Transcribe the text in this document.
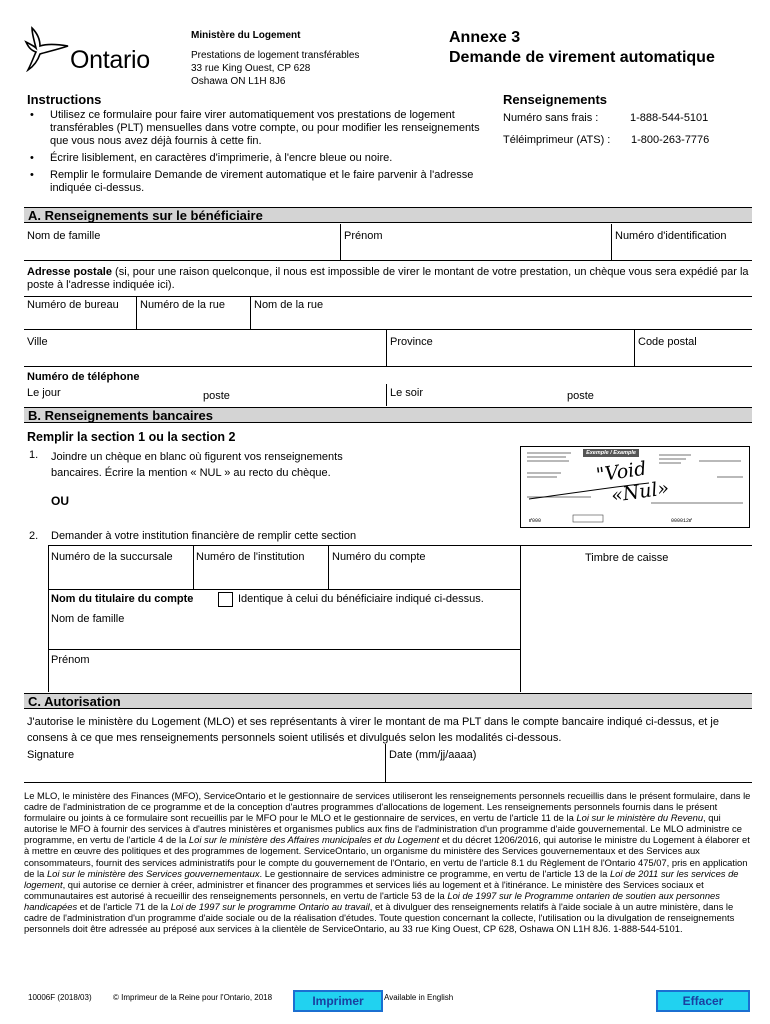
Ontario
Ministère du Logement
Prestations de logement transférables
33 rue King Ouest, CP 628
Oshawa ON L1H 8J6
Annexe 3
Demande de virement automatique
Instructions
• Utilisez ce formulaire pour faire virer automatiquement vos prestations de logement transférables (PLT) mensuelles dans votre compte, ou pour modifier les renseignements que vous nous avez déjà fournis à cette fin.
• Écrire lisiblement, en caractères d'imprimerie, à l'encre bleue ou noire.
• Remplir le formulaire Demande de virement automatique et le faire parvenir à l'adresse indiquée ci-dessus.
Renseignements
Numéro sans frais :	1-888-544-5101
Téléimprimeur (ATS) : 1-800-263-7776
A. Renseignements sur le bénéficiaire
Nom de famille	Prénom	Numéro d'identification
Adresse postale (si, pour une raison quelconque, il nous est impossible de virer le montant de votre prestation, un chèque vous sera expédié par la poste à l'adresse indiquée ici).
Numéro de bureau Numéro de la rue	Nom de la rue
Ville	Province	Code postal
Numéro de téléphone
Le jour	poste	Le soir	poste
B. Renseignements bancaires
Remplir la section 1 ou la section 2
1. Joindre un chèque en blanc où figurent vos renseignements bancaires. Écrire la mention « NUL » au recto du chèque.
OU
Exemple / Example
⑈000	000012⑈
"Void
«Nul»
2. Demander à votre institution financière de remplir cette section
Numéro de la succursale Numéro de l'institution	Numéro du compte	Timbre de caisse
Nom du titulaire du compte	Identique à celui du bénéficiaire indiqué ci-dessus.
Nom de famille
Prénom
C. Autorisation
J'autorise le ministère du Logement (MLO) et ses représentants à virer le montant de ma PLT dans le compte bancaire indiqué ci-dessus, et je consens à ce que mes renseignements personnels soient utilisés et divulgués selon les modalités ci-dessous.
Signature	Date (mm/jj/aaaa)
Le MLO, le ministère des Finances (MFO), ServiceOntario et le gestionnaire de services utiliseront les renseignements personnels recueillis dans le présent formulaire, dans le cadre de l'administration de ce programme et de la conception d'autres programmes d'allocations de logement. Les renseignements personnels fournis dans le présent formulaire ou joints à ce formulaire sont recueillis par le MFO pour le MLO et le gestionnaire de services, en vertu de l'article 11 de la Loi sur le ministère du Revenu, qui autorise le MFO à fournir des services à d'autres ministères et organismes publics aux fins de l'administration d'un programme d'aide gouvernemental. Le MLO administre ce programme, en vertu de l'article 4 de la Loi sur le ministère des Affaires municipales et du Logement et du décret 1206/2016, qui autorise le ministre du Logement à élaborer et à mettre en œuvre des politiques et des programmes de logement. ServiceOntario, un organisme du ministère des Services gouvernementaux et des Services aux consommateurs, fournit des services administratifs pour le compte du gouvernement de l'Ontario, en vertu de l'article 8.1 du Règlement de l'Ontario 475/07, pris en application de la Loi sur le ministère des Services gouvernementaux. Le gestionnaire de services administre ce programme, en vertu de l'article 13 de la Loi de 2011 sur les services de logement, qui autorise ce dernier à créer, administrer et financer des programmes et services liés au logement et à l'itinérance. Le ministère des Services sociaux et communautaires est autorisé à recueillir des renseignements personnels, en vertu de l'article 53 de la Loi de 1997 sur le Programme ontarien de soutien aux personnes handicapées et de l'article 71 de la Loi de 1997 sur le programme Ontario au travail, et à divulguer des renseignements relatifs à l'aide sociale à un autre ministère, dans le cadre de l'administration d'un programme d'aide sociale ou de la réalisation d'études. Toute question concernant la collecte, l'utilisation ou la divulgation de renseignements personnels doit être adressée au préposé aux services à la clientèle de ServiceOntario, au 33 rue King Ouest, CP 628, Oshawa ON L1H 8J6. 1-888-544-5101.
10006F (2018/03)	© Imprimeur de la Reine pour l'Ontario, 2018	Imprimer	Available in English	Effacer
